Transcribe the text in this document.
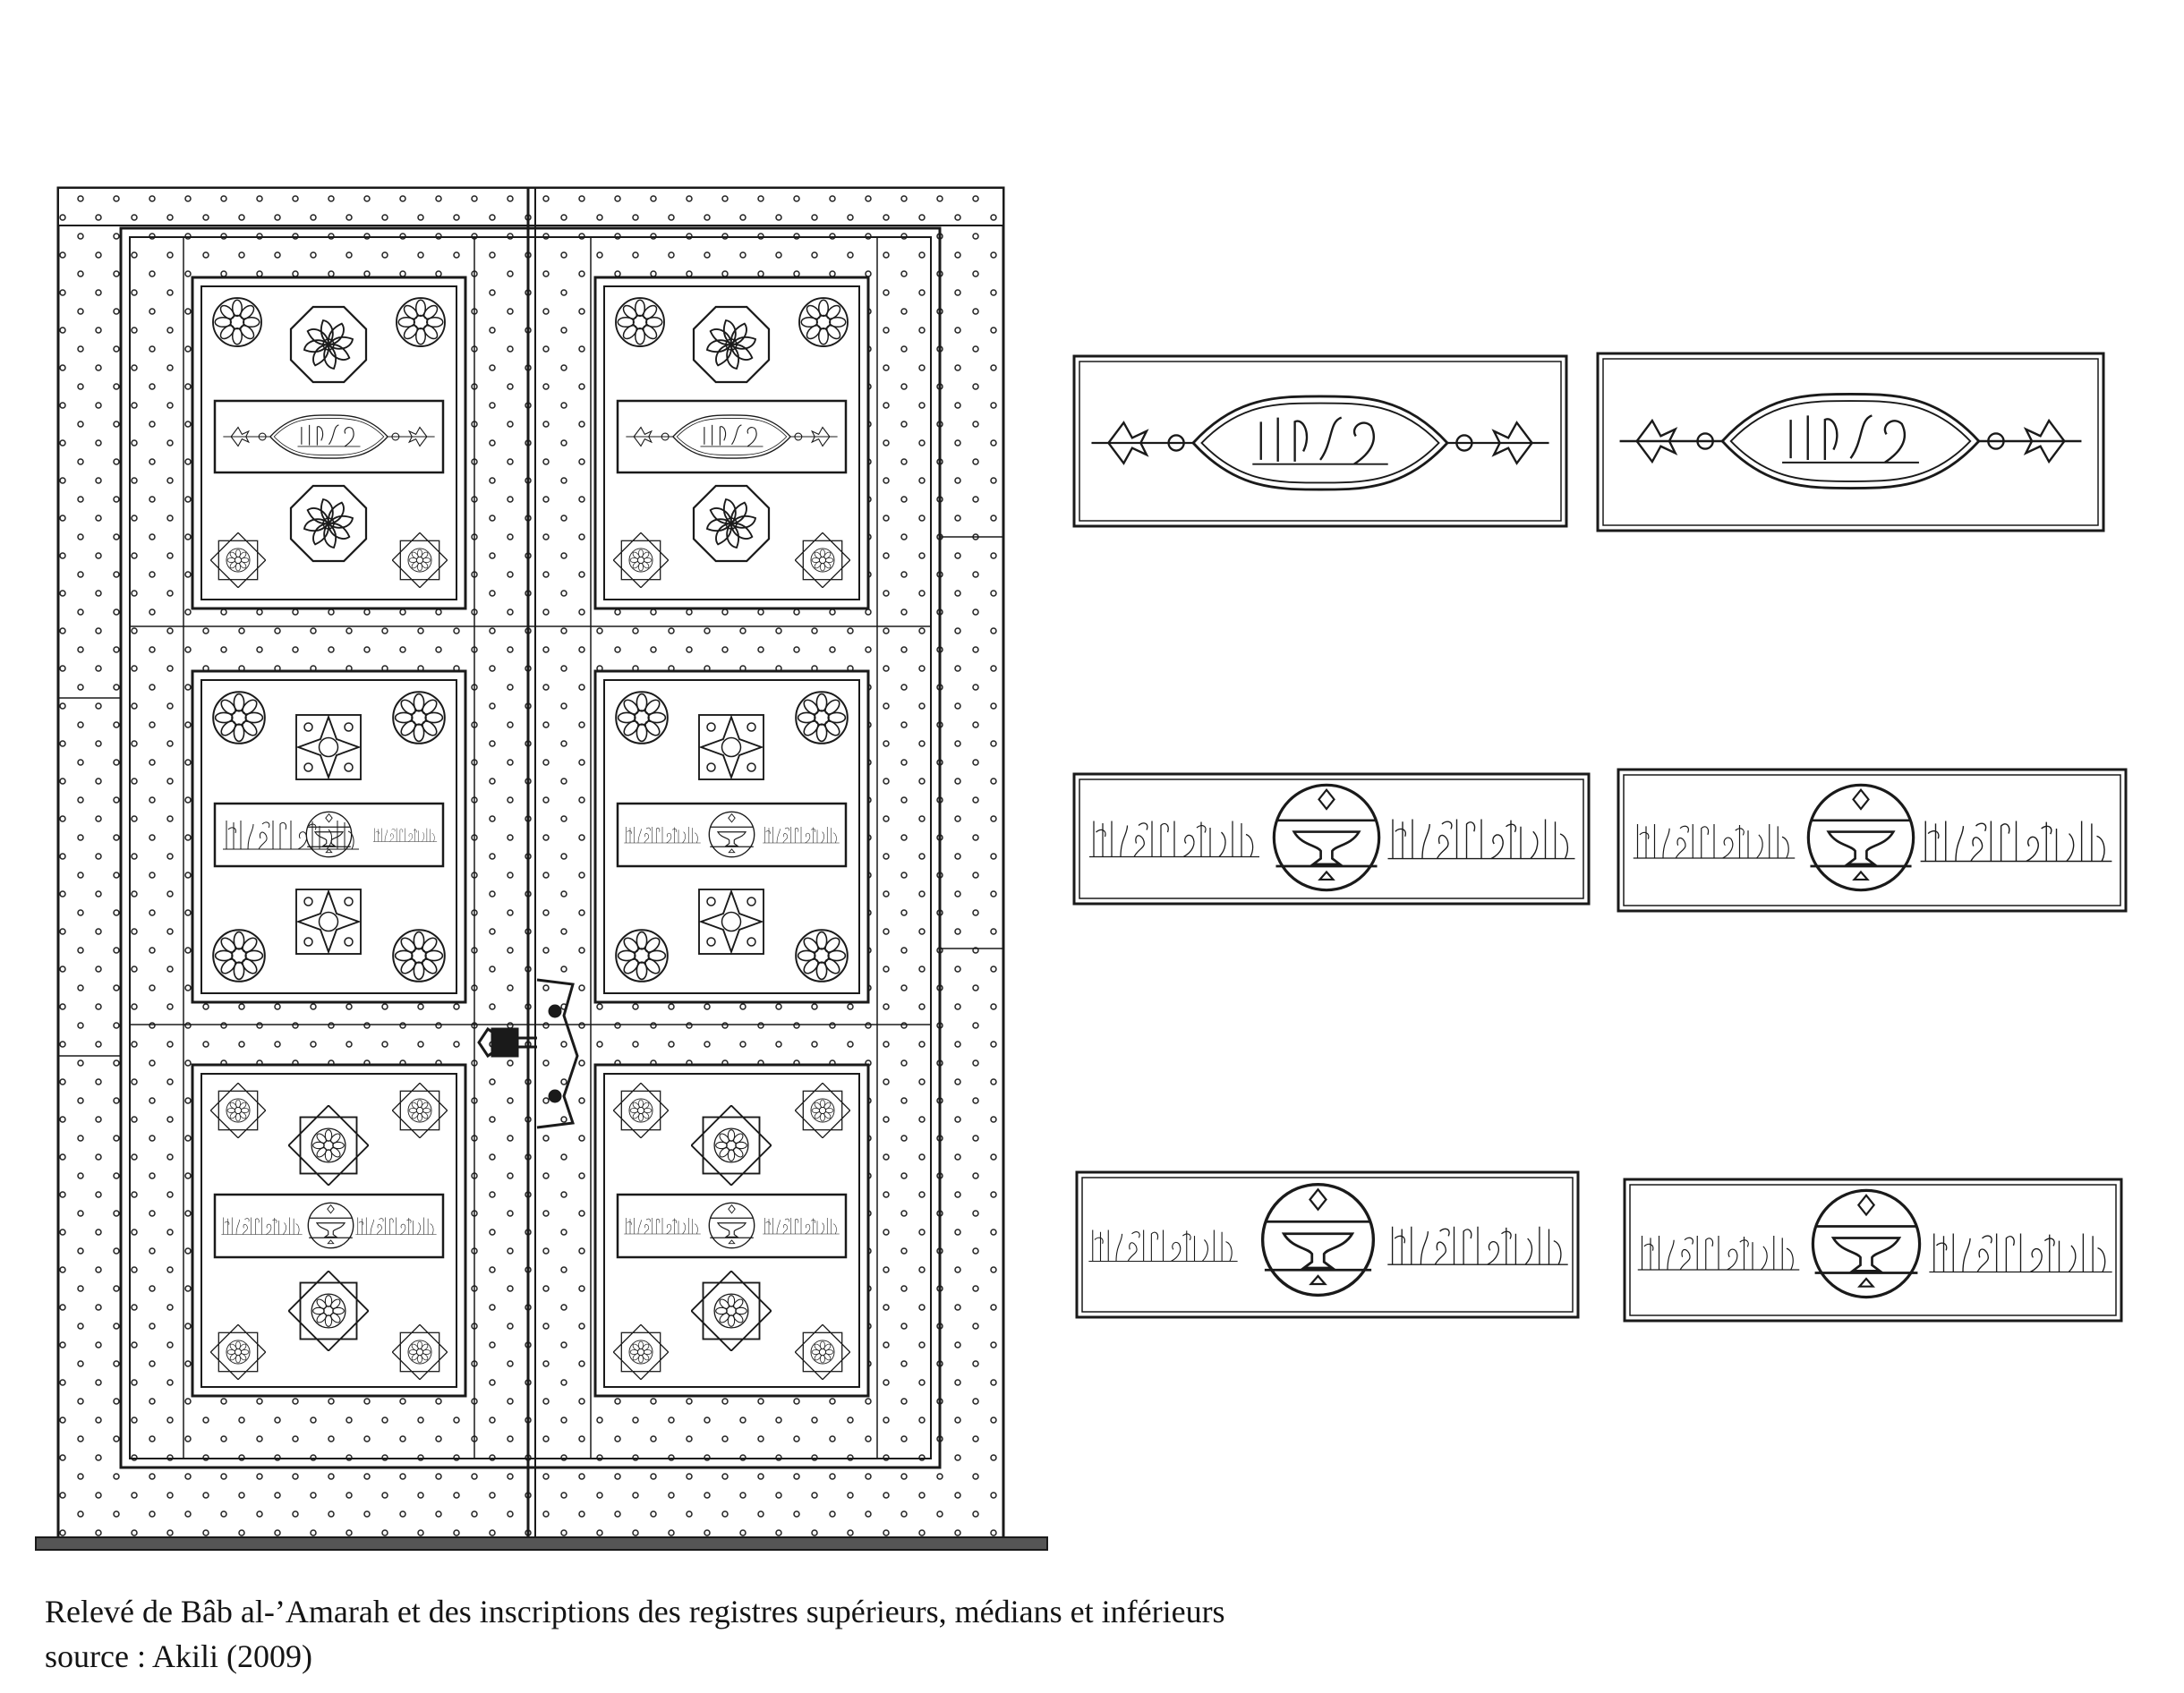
Relevé de Bâb al-’Amarah et des inscriptions des registres supérieurs, médians et inférieurs

source : Akili (2009)
